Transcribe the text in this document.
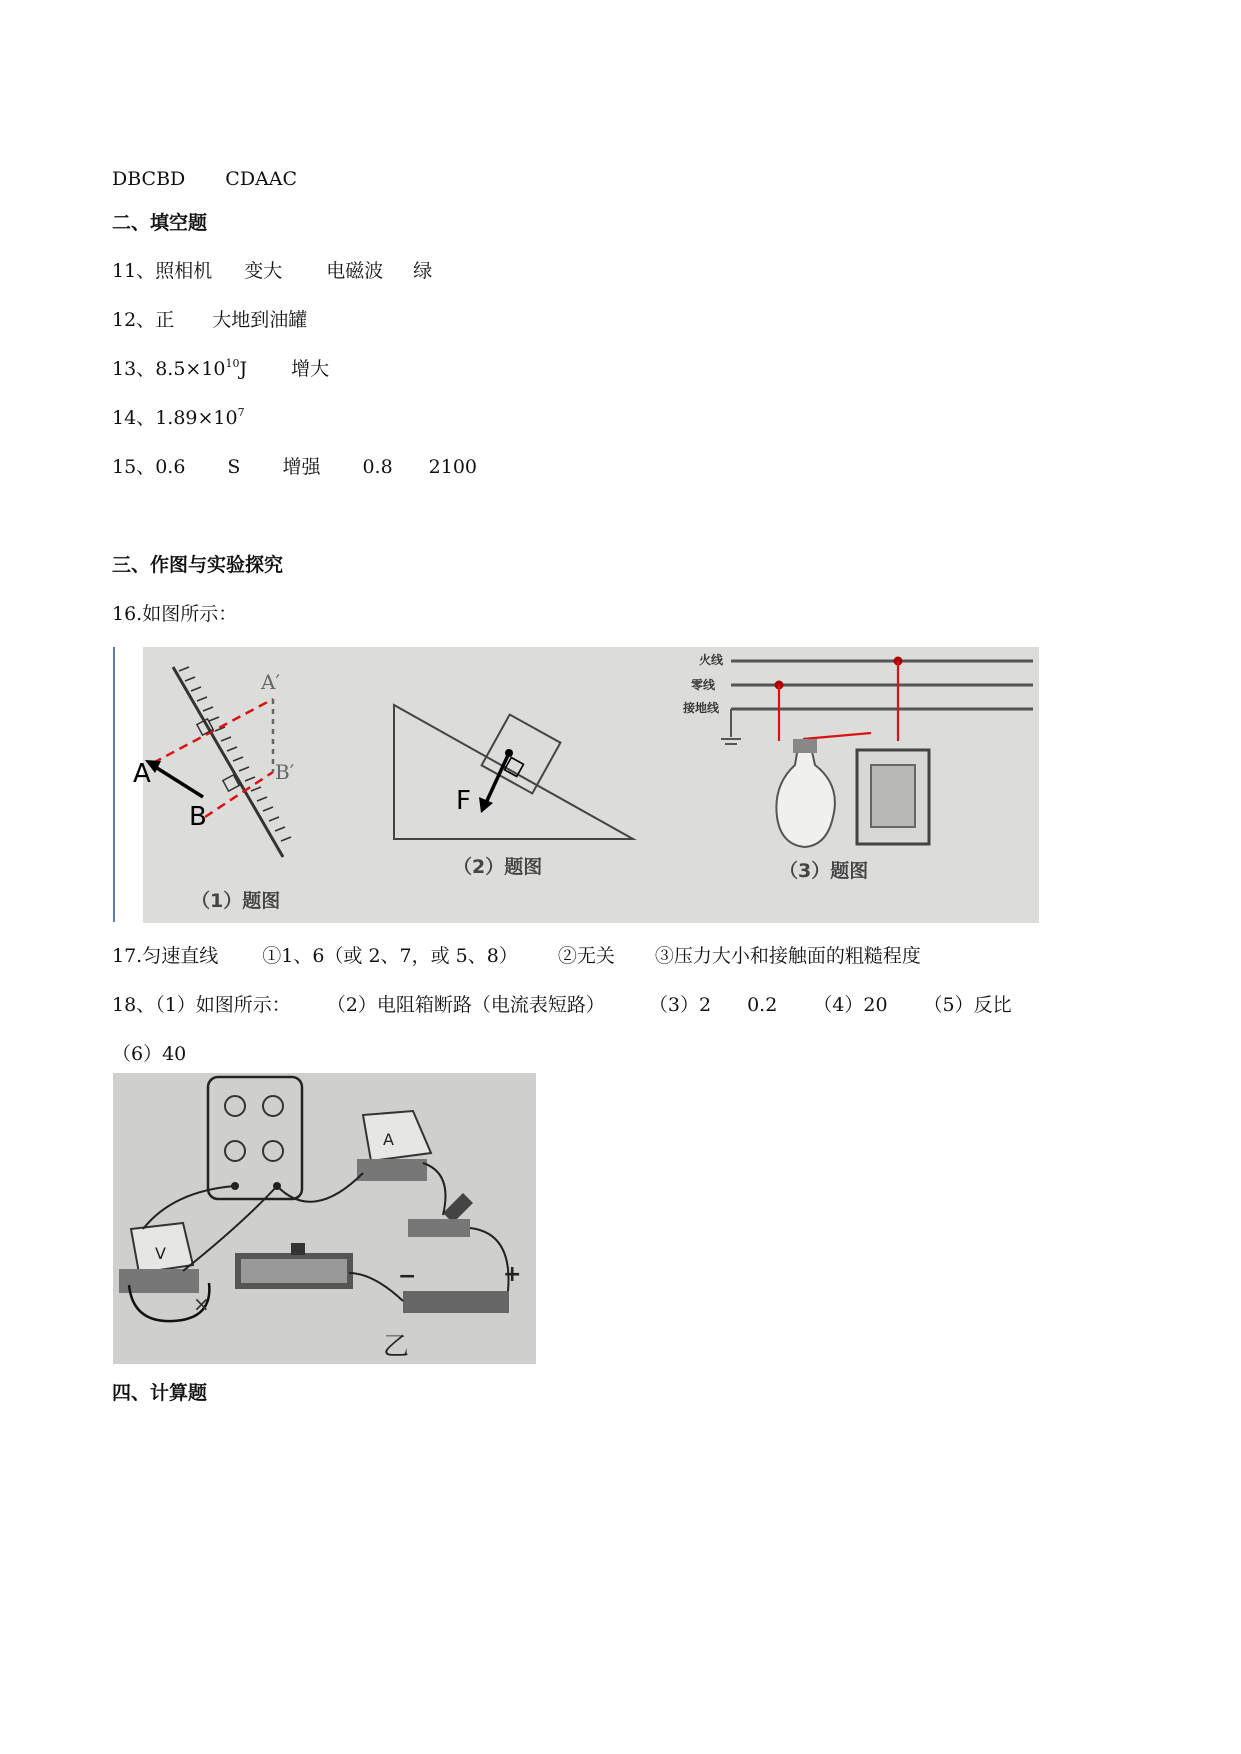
DBCBD CDAAC
二、填空题
11、照相机 变大 电磁波 绿
12、正 大地到油罐
13、$8.5\times 10^{10}J$ 增大
14、$1.89\times 10^7$
15、0.6 S 增强 0.8 2100
三、作图与实验探究
16.如图所示：
A
B
A′
B′
（1）题图
F
（2）题图
火线
零线
接地线
（3）题图
17.匀速直线 ①1、6（或 2、7，或 5、8） ②无关 ③压力大小和接触面的粗糙程度
18、（1）如图所示： （2）电阻箱断路（电流表短路） （3）2 0.2 （4）20 （5）反比
（6）40
A
V
−	+
×
乙
四、计算题
